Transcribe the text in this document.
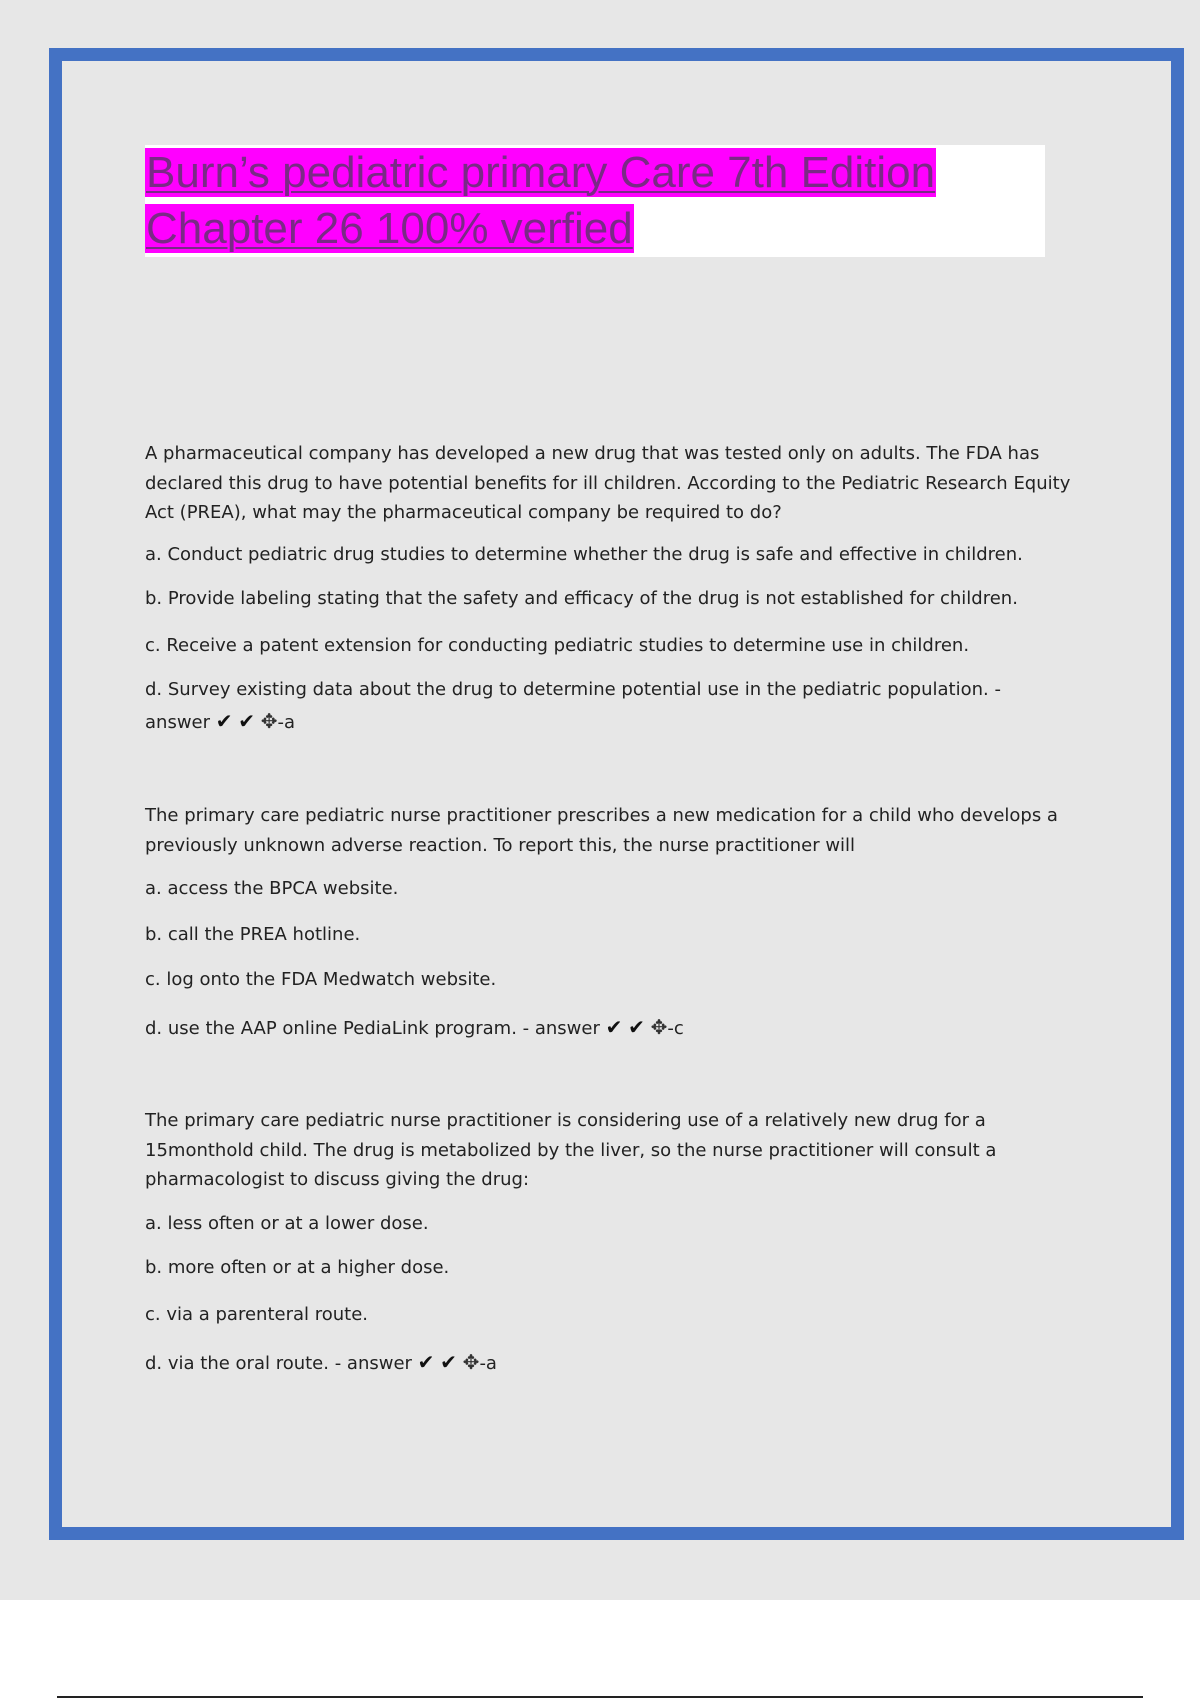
Burn’s pediatric primary Care 7th Edition
Chapter 26 100% verfied

A pharmaceutical company has developed a new drug that was tested only on adults. The FDA has declared this drug to have potential benefits for ill children. According to the Pediatric Research Equity Act (PREA), what may the pharmaceutical company be required to do?

a. Conduct pediatric drug studies to determine whether the drug is safe and effective in children.

b. Provide labeling stating that the safety and efficacy of the drug is not established for children.

c. Receive a patent extension for conducting pediatric studies to determine use in children.

d. Survey existing data about the drug to determine potential use in the pediatric population. -

answer ✔ ✔ ✥-a

The primary care pediatric nurse practitioner prescribes a new medication for a child who develops a previously unknown adverse reaction. To report this, the nurse practitioner will

a. access the BPCA website.

b. call the PREA hotline.

c. log onto the FDA Medwatch website.

d. use the AAP online PediaLink program. - answer ✔ ✔ ✥-c

The primary care pediatric nurse practitioner is considering use of a relatively new drug for a 15monthold child. The drug is metabolized by the liver, so the nurse practitioner will consult a pharmacologist to discuss giving the drug:

a. less often or at a lower dose.

b. more often or at a higher dose.

c. via a parenteral route.

d. via the oral route. - answer ✔ ✔ ✥-a
